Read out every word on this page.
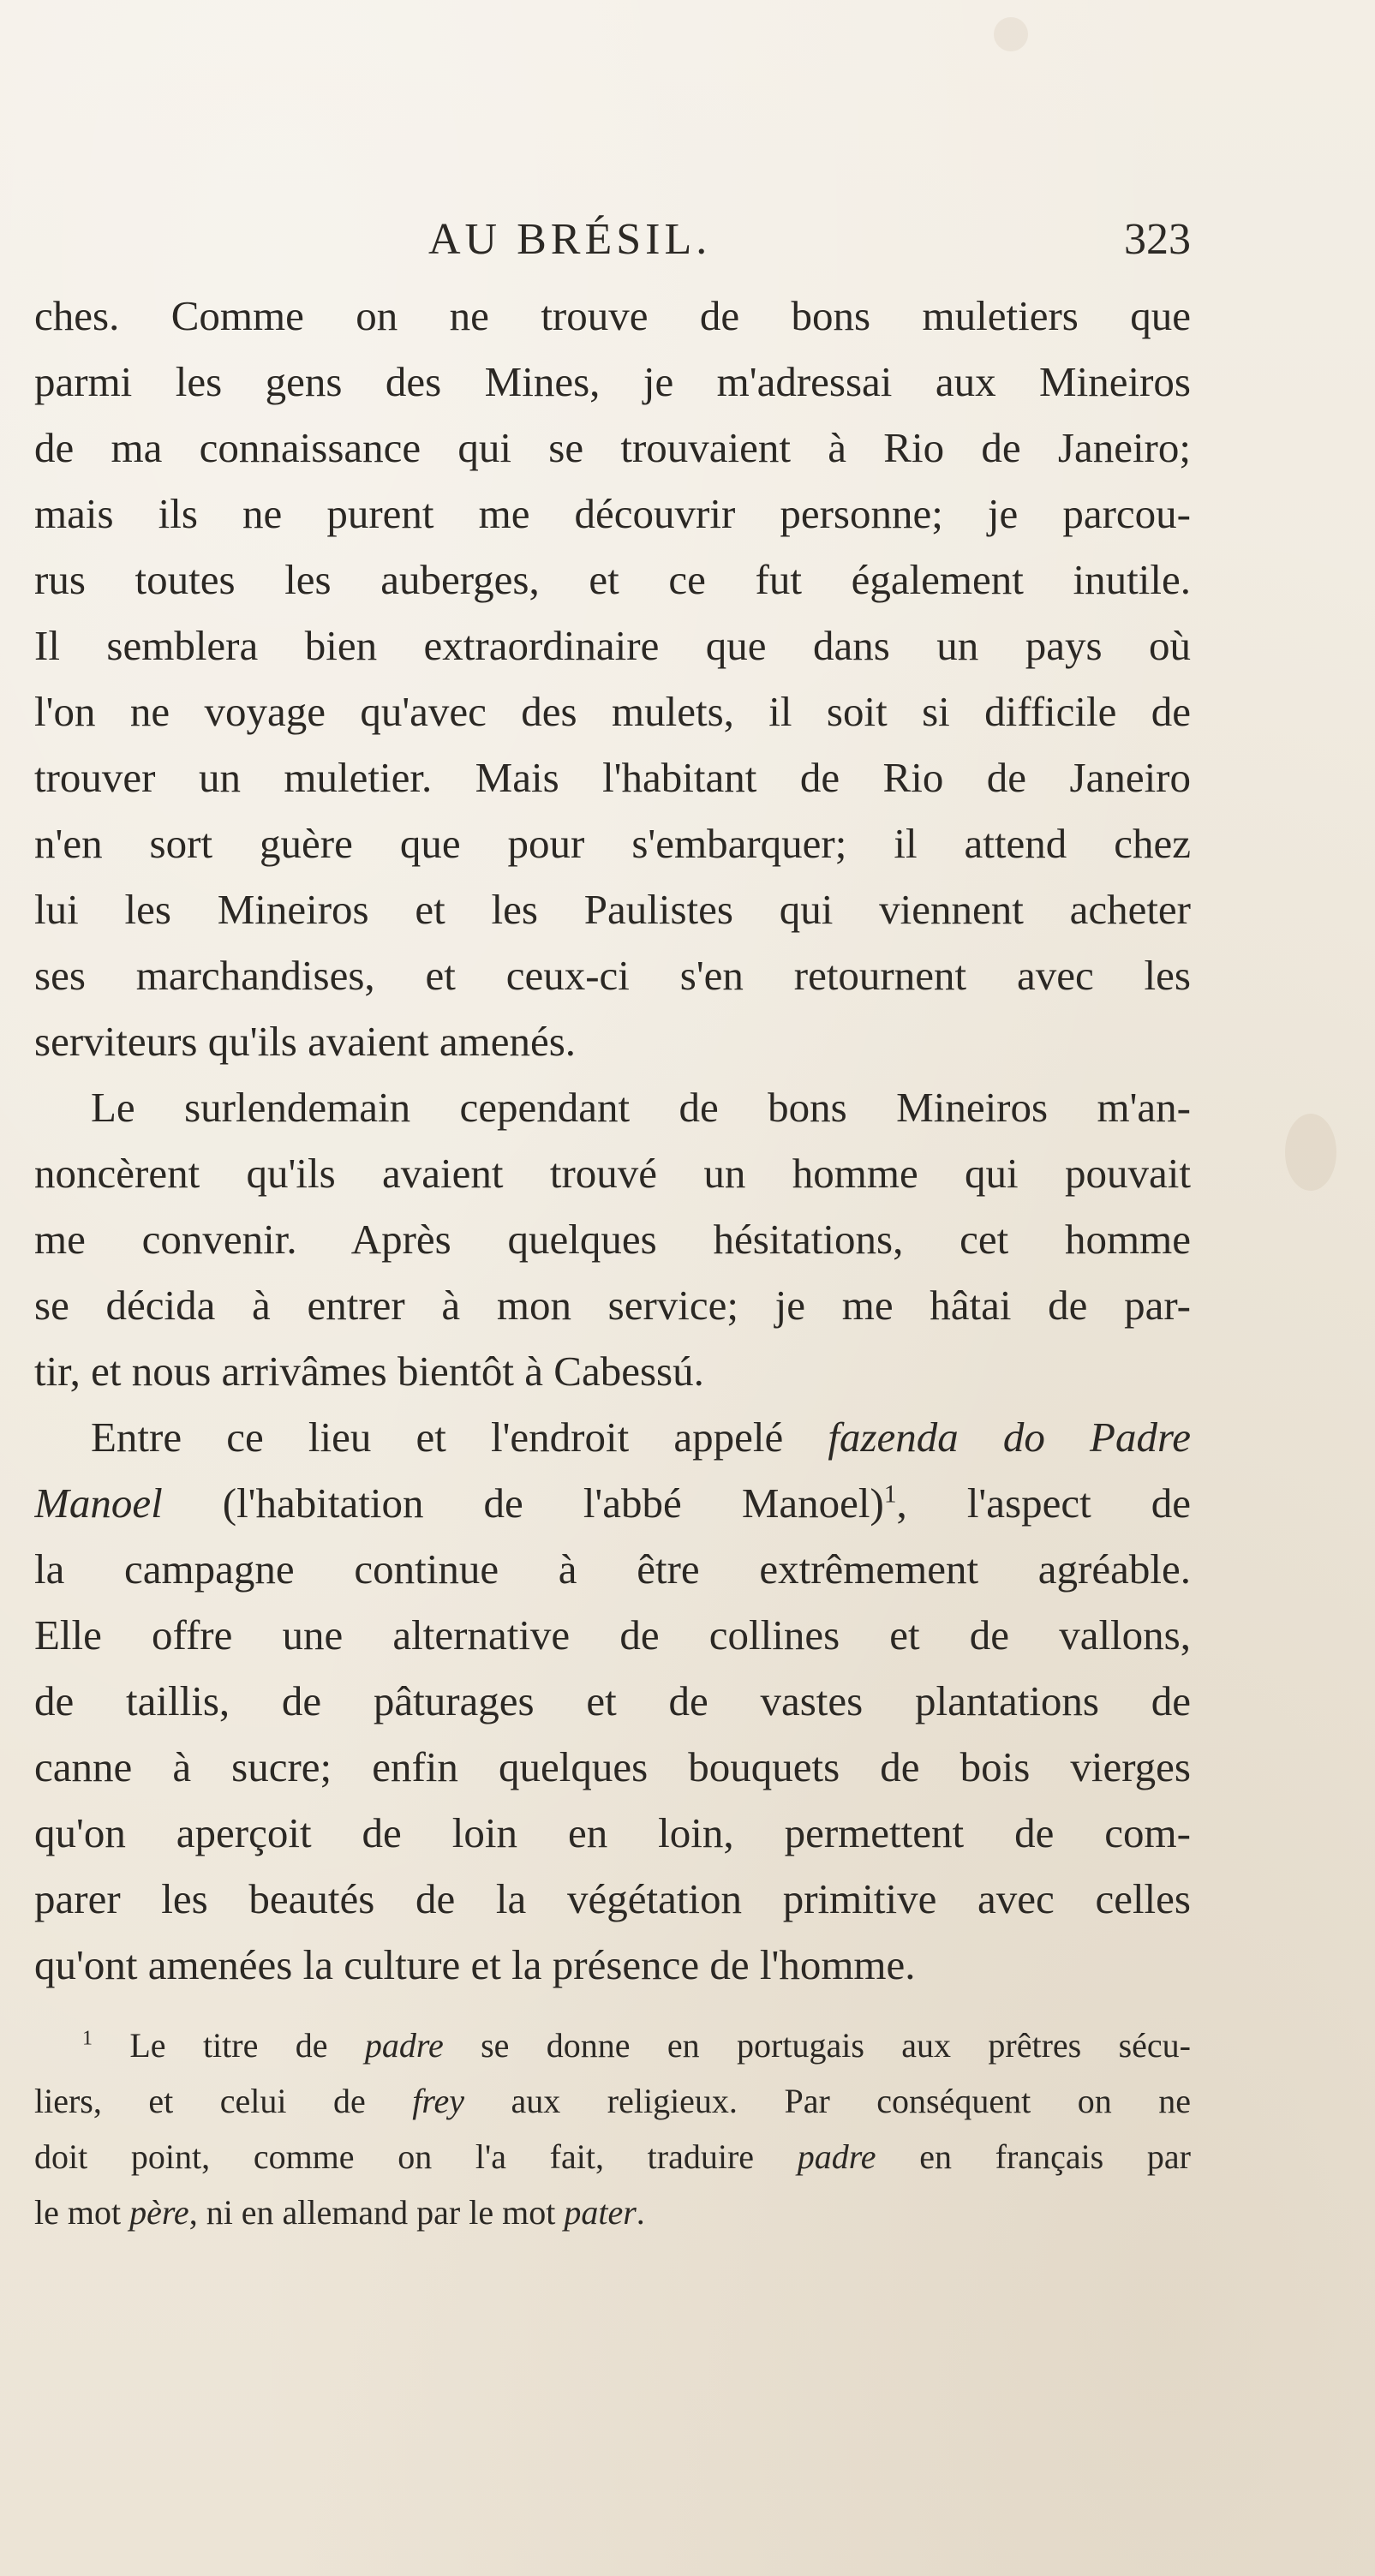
AU BRÉSIL.	323
ches. Comme on ne trouve de bons muletiers que
parmi les gens des Mines, je m'adressai aux Mineiros
de ma connaissance qui se trouvaient à Rio de Janeiro;
mais ils ne purent me découvrir personne; je parcou-
rus toutes les auberges, et ce fut également inutile.
Il semblera bien extraordinaire que dans un pays où
l'on ne voyage qu'avec des mulets, il soit si difficile de
trouver un muletier. Mais l'habitant de Rio de Janeiro
n'en sort guère que pour s'embarquer; il attend chez
lui les Mineiros et les Paulistes qui viennent acheter
ses marchandises, et ceux-ci s'en retournent avec les
serviteurs qu'ils avaient amenés.
Le surlendemain cependant de bons Mineiros m'an-
noncèrent qu'ils avaient trouvé un homme qui pouvait
me convenir. Après quelques hésitations, cet homme
se décida à entrer à mon service; je me hâtai de par-
tir, et nous arrivâmes bientôt à Cabessú.
Entre ce lieu et l'endroit appelé fazenda do Padre
Manoel (l'habitation de l'abbé Manoel)$^1$, l'aspect de
la campagne continue à être extrêmement agréable.
Elle offre une alternative de collines et de vallons,
de taillis, de pâturages et de vastes plantations de
canne à sucre; enfin quelques bouquets de bois vierges
qu'on aperçoit de loin en loin, permettent de com-
parer les beautés de la végétation primitive avec celles
qu'ont amenées la culture et la présence de l'homme.
$^1$ Le titre de padre se donne en portugais aux prêtres sécu-
liers, et celui de frey aux religieux. Par conséquent on ne
doit point, comme on l'a fait, traduire padre en français par
le mot père, ni en allemand par le mot pater.
